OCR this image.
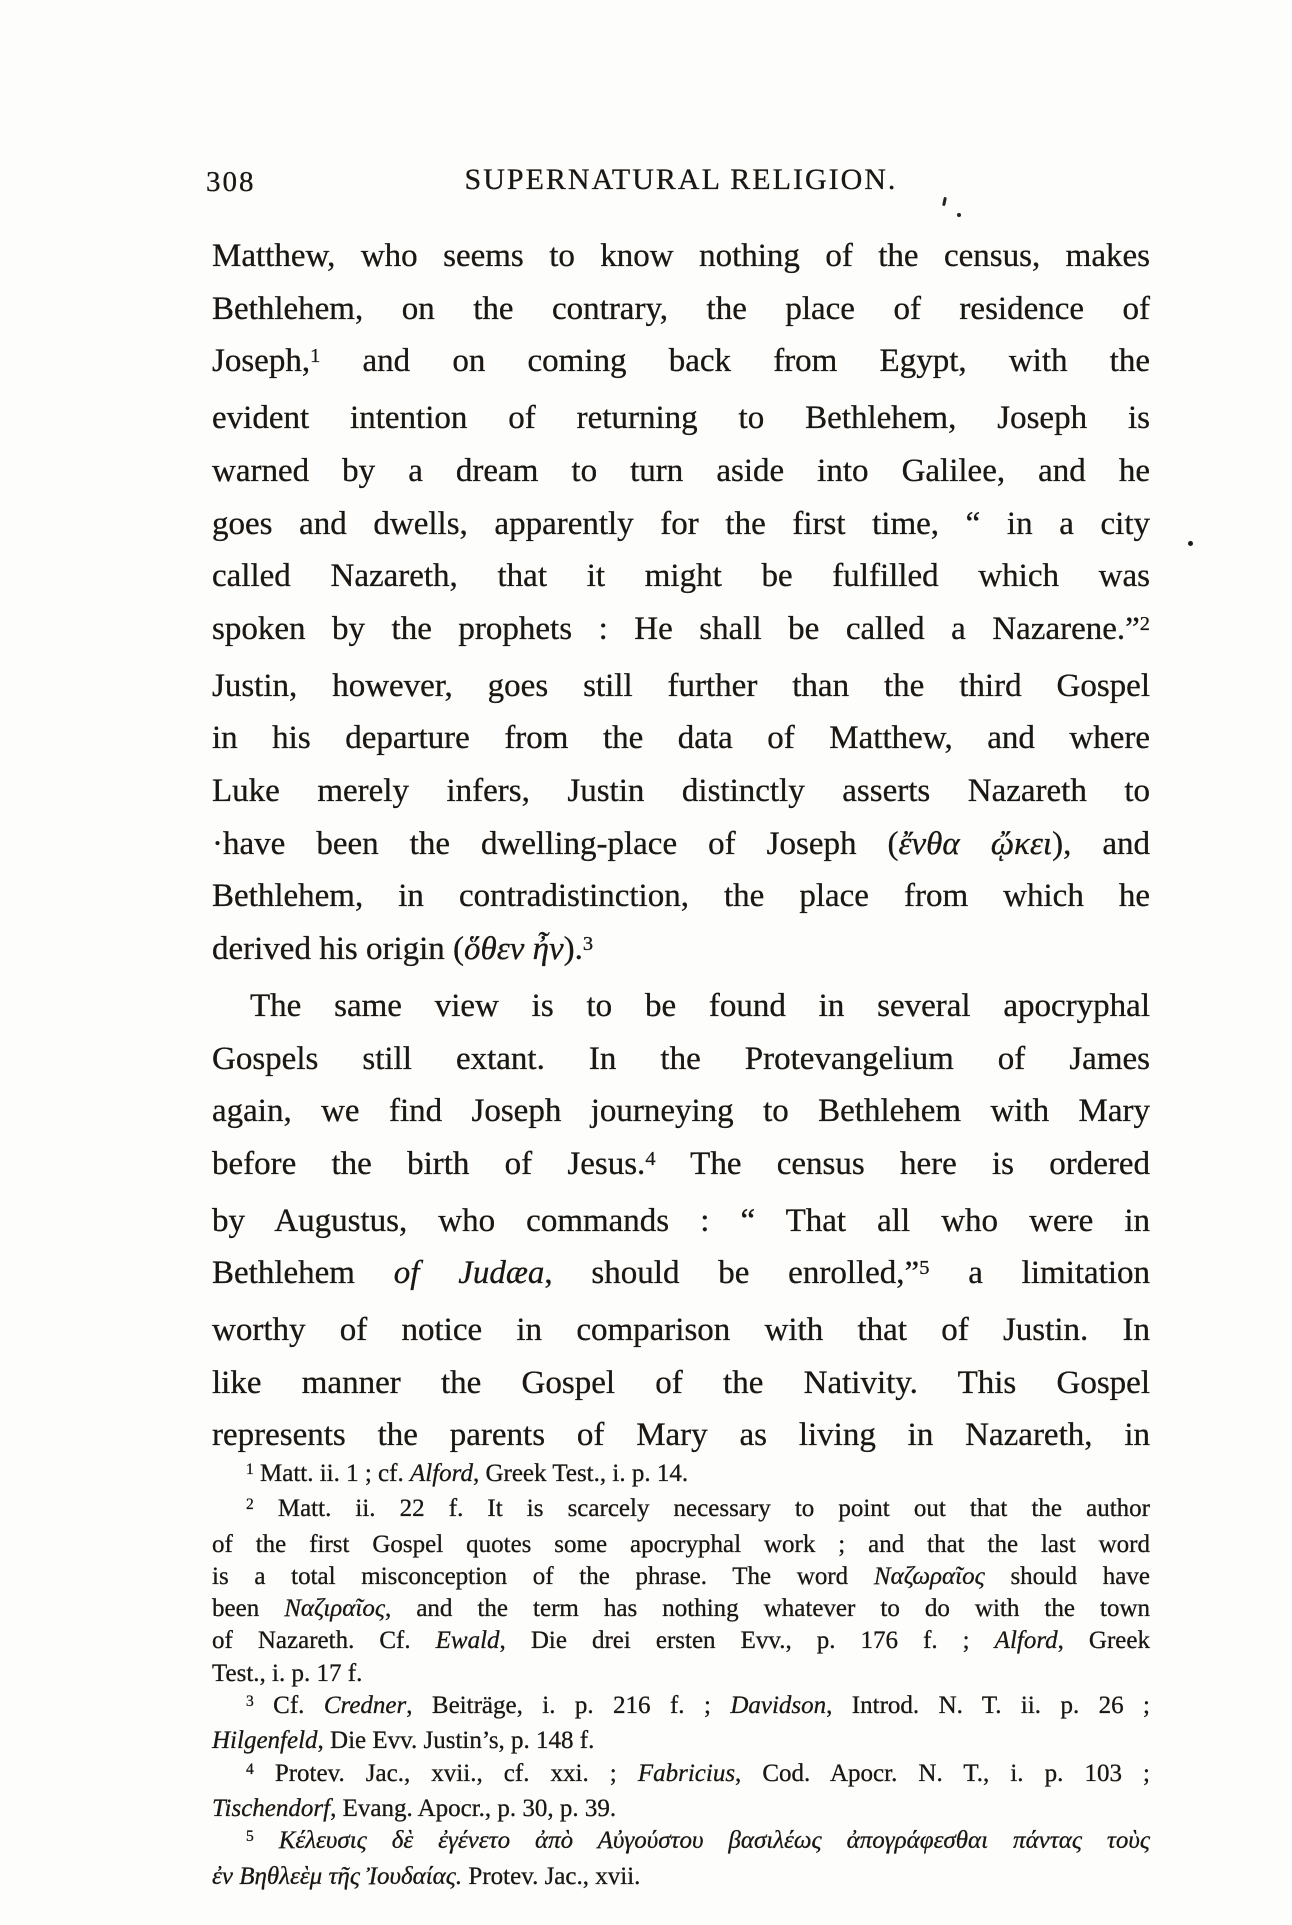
308	SUPERNATURAL RELIGION.
Matthew, who seems to know nothing of the census, makes
Bethlehem, on the contrary, the place of residence of
Joseph,$^1$ and on coming back from Egypt, with the
evident intention of returning to Bethlehem, Joseph is
warned by a dream to turn aside into Galilee, and he
goes and dwells, apparently for the first time, “ in a city
called Nazareth, that it might be fulfilled which was
spoken by the prophets : He shall be called a Nazarene.”$^2$
Justin, however, goes still further than the third Gospel
in his departure from the data of Matthew, and where
Luke merely infers, Justin distinctly asserts Nazareth to
·have been the dwelling-place of Joseph (ἔνθα ᾤκει), and
Bethlehem, in contradistinction, the place from which he
derived his origin (ὅθεν ἦν).$^3$
The same view is to be found in several apocryphal
Gospels still extant. In the Protevangelium of James
again, we find Joseph journeying to Bethlehem with Mary
before the birth of Jesus.$^4$ The census here is ordered
by Augustus, who commands : “ That all who were in
Bethlehem of Judæa, should be enrolled,”$^5$ a limitation
worthy of notice in comparison with that of Justin. In
like manner the Gospel of the Nativity. This Gospel
represents the parents of Mary as living in Nazareth, in
$^1$ Matt. ii. 1 ; cf. Alford, Greek Test., i. p. 14.
$^2$ Matt. ii. 22 f. It is scarcely necessary to point out that the author
of the first Gospel quotes some apocryphal work ; and that the last word
is a total misconception of the phrase. The word Ναζωραῖος should have
been Ναζιραῖος, and the term has nothing whatever to do with the town
of Nazareth. Cf. Ewald, Die drei ersten Evv., p. 176 f. ; Alford, Greek
Test., i. p. 17 f.
$^3$ Cf. Credner, Beiträge, i. p. 216 f. ; Davidson, Introd. N. T. ii. p. 26 ;
Hilgenfeld, Die Evv. Justin’s, p. 148 f.
$^4$ Protev. Jac., xvii., cf. xxi. ; Fabricius, Cod. Apocr. N. T., i. p. 103 ;
Tischendorf, Evang. Apocr., p. 30, p. 39.
$^5$ Κέλευσις δὲ ἐγένετο ἀπὸ Αὐγούστου βασιλέως ἀπογράφεσθαι πάντας τοὺς
ἐν Βηθλεὲμ τῆς Ἰουδαίας. Protev. Jac., xvii.
